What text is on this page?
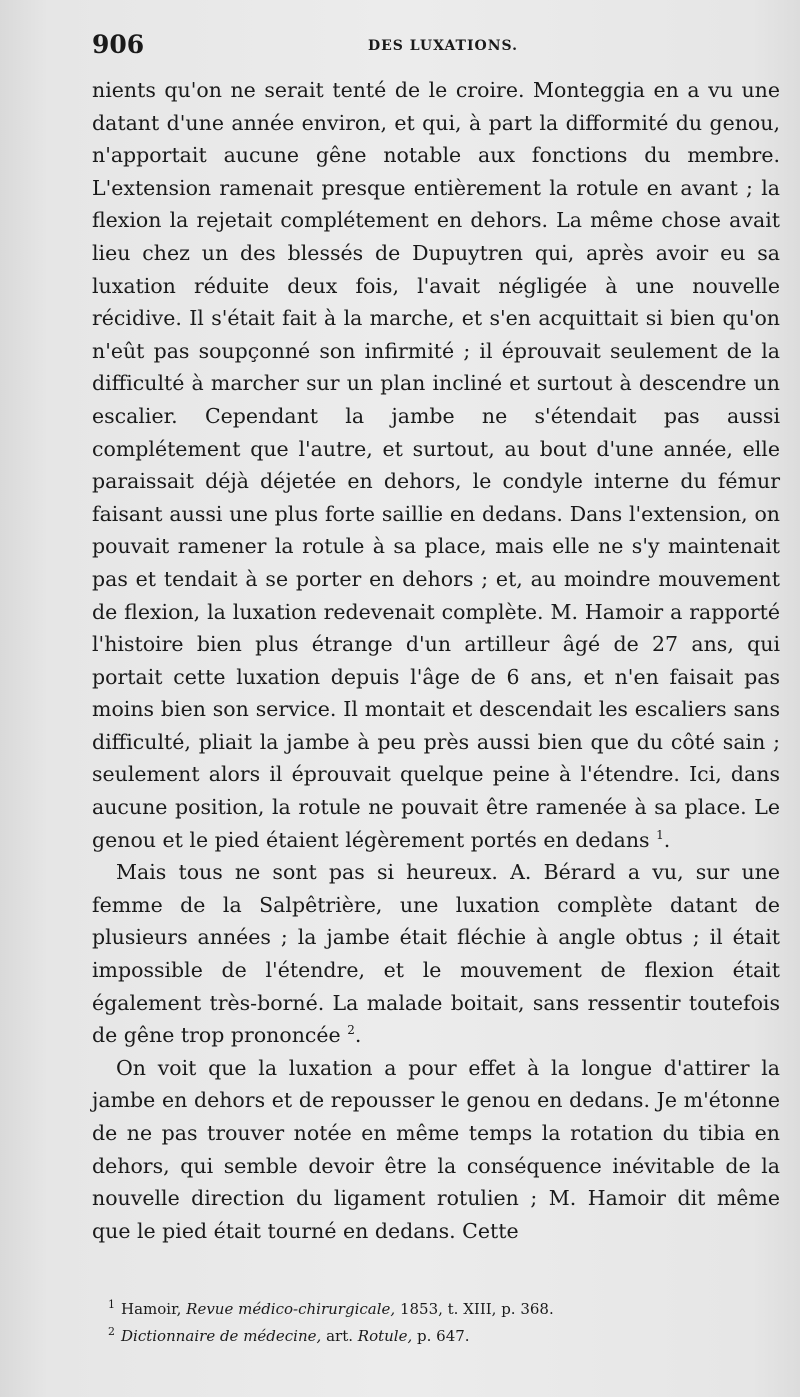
906	DES LUXATIONS.

nients qu'on ne serait tenté de le croire. Monteggia en a vu une datant d'une année environ, et qui, à part la difformité du genou, n'apportait aucune gêne notable aux fonctions du membre. L'extension ramenait presque entièrement la rotule en avant ; la flexion la rejetait complétement en dehors. La même chose avait lieu chez un des blessés de Dupuytren qui, après avoir eu sa luxation réduite deux fois, l'avait négligée à une nouvelle récidive. Il s'était fait à la marche, et s'en acquittait si bien qu'on n'eût pas soupçonné son infirmité ; il éprouvait seulement de la difficulté à marcher sur un plan incliné et surtout à descendre un escalier. Cependant la jambe ne s'étendait pas aussi complétement que l'autre, et surtout, au bout d'une année, elle paraissait déjà déjetée en dehors, le condyle interne du fémur faisant aussi une plus forte saillie en dedans. Dans l'extension, on pouvait ramener la rotule à sa place, mais elle ne s'y maintenait pas et tendait à se porter en dehors ; et, au moindre mouvement de flexion, la luxation redevenait complète. M. Hamoir a rapporté l'histoire bien plus étrange d'un artilleur âgé de 27 ans, qui portait cette luxation depuis l'âge de 6 ans, et n'en faisait pas moins bien son service. Il montait et descendait les escaliers sans difficulté, pliait la jambe à peu près aussi bien que du côté sain ; seulement alors il éprouvait quelque peine à l'étendre. Ici, dans aucune position, la rotule ne pouvait être ramenée à sa place. Le genou et le pied étaient légèrement portés en dedans $^1$.

Mais tous ne sont pas si heureux. A. Bérard a vu, sur une femme de la Salpêtrière, une luxation complète datant de plusieurs années ; la jambe était fléchie à angle obtus ; il était impossible de l'étendre, et le mouvement de flexion était également très-borné. La malade boitait, sans ressentir toutefois de gêne trop prononcée $^2$.

On voit que la luxation a pour effet à la longue d'attirer la jambe en dehors et de repousser le genou en dedans. Je m'étonne de ne pas trouver notée en même temps la rotation du tibia en dehors, qui semble devoir être la conséquence inévitable de la nouvelle direction du ligament rotulien ; M. Hamoir dit même que le pied était tourné en dedans. Cette

$^1$ Hamoir, Revue médico-chirurgicale, 1853, t. XIII, p. 368.
$^2$ Dictionnaire de médecine, art. Rotule, p. 647.
